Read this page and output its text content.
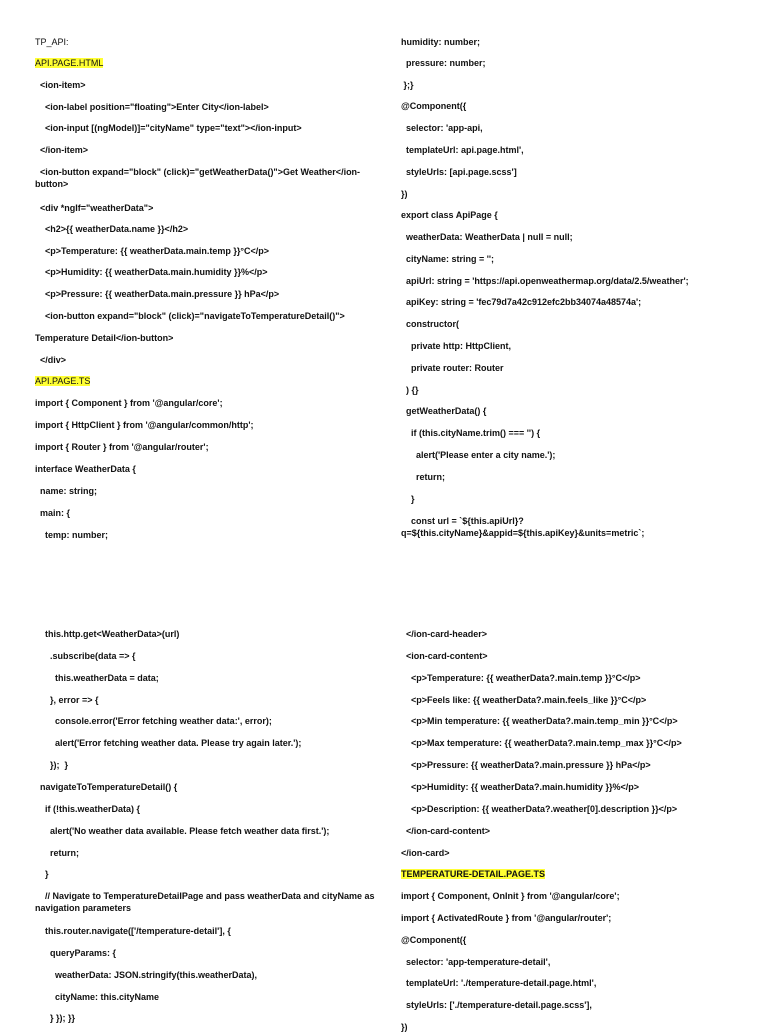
TP_API:
API.PAGE.HTML
<ion-item>
<ion-label position="floating">Enter City</ion-label>
<ion-input [(ngModel)]="cityName" type="text"></ion-input>
</ion-item>
<ion-button expand="block" (click)="getWeatherData()">Get Weather</ion-button>
<div *ngIf="weatherData">
<h2>{{ weatherData.name }}</h2>
<p>Temperature: {{ weatherData.main.temp }}°C</p>
<p>Humidity: {{ weatherData.main.humidity }}%</p>
<p>Pressure: {{ weatherData.main.pressure }} hPa</p>
<ion-button expand="block" (click)="navigateToTemperatureDetail()">
Temperature Detail</ion-button>
</div>
API.PAGE.TS
import { Component } from '@angular/core';
import { HttpClient } from '@angular/common/http';
import { Router } from '@angular/router';
interface WeatherData {
name: string;
main: {
temp: number;
humidity: number;
pressure: number;
};}
@Component({
selector: 'app-api,
templateUrl: api.page.html',
styleUrls: [api.page.scss']
})
export class ApiPage {
weatherData: WeatherData | null = null;
cityName: string = '';
apiUrl: string = 'https://api.openweathermap.org/data/2.5/weather';
apiKey: string = 'fec79d7a42c912efc2bb34074a48574a';
constructor(
private http: HttpClient,
private router: Router
) {}
getWeatherData() {
if (this.cityName.trim() === '') {
alert('Please enter a city name.');
return;
}
const url = `${this.apiUrl}?q=${this.cityName}&appid=${this.apiKey}&units=metric`;
this.http.get<WeatherData>(url)
.subscribe(data => {
this.weatherData = data;
}, error => {
console.error('Error fetching weather data:', error);
alert('Error fetching weather data. Please try again later.');
});  }
navigateToTemperatureDetail() {
if (!this.weatherData) {
alert('No weather data available. Please fetch weather data first.');
return;
}
// Navigate to TemperatureDetailPage and pass weatherData and cityName as navigation parameters
this.router.navigate(['/temperature-detail'], {
queryParams: {
weatherData: JSON.stringify(this.weatherData),
cityName: this.cityName
} }); }}
</ion-card-header>
<ion-card-content>
<p>Temperature: {{ weatherData?.main.temp }}°C</p>
<p>Feels like: {{ weatherData?.main.feels_like }}°C</p>
<p>Min temperature: {{ weatherData?.main.temp_min }}°C</p>
<p>Max temperature: {{ weatherData?.main.temp_max }}°C</p>
<p>Pressure: {{ weatherData?.main.pressure }} hPa</p>
<p>Humidity: {{ weatherData?.main.humidity }}%</p>
<p>Description: {{ weatherData?.weather[0].description }}</p>
</ion-card-content>
</ion-card>
TEMPERATURE-DETAIL.PAGE.TS
import { Component, OnInit } from '@angular/core';
import { ActivatedRoute } from '@angular/router';
@Component({
selector: 'app-temperature-detail',
templateUrl: './temperature-detail.page.html',
styleUrls: ['./temperature-detail.page.scss'],
})
